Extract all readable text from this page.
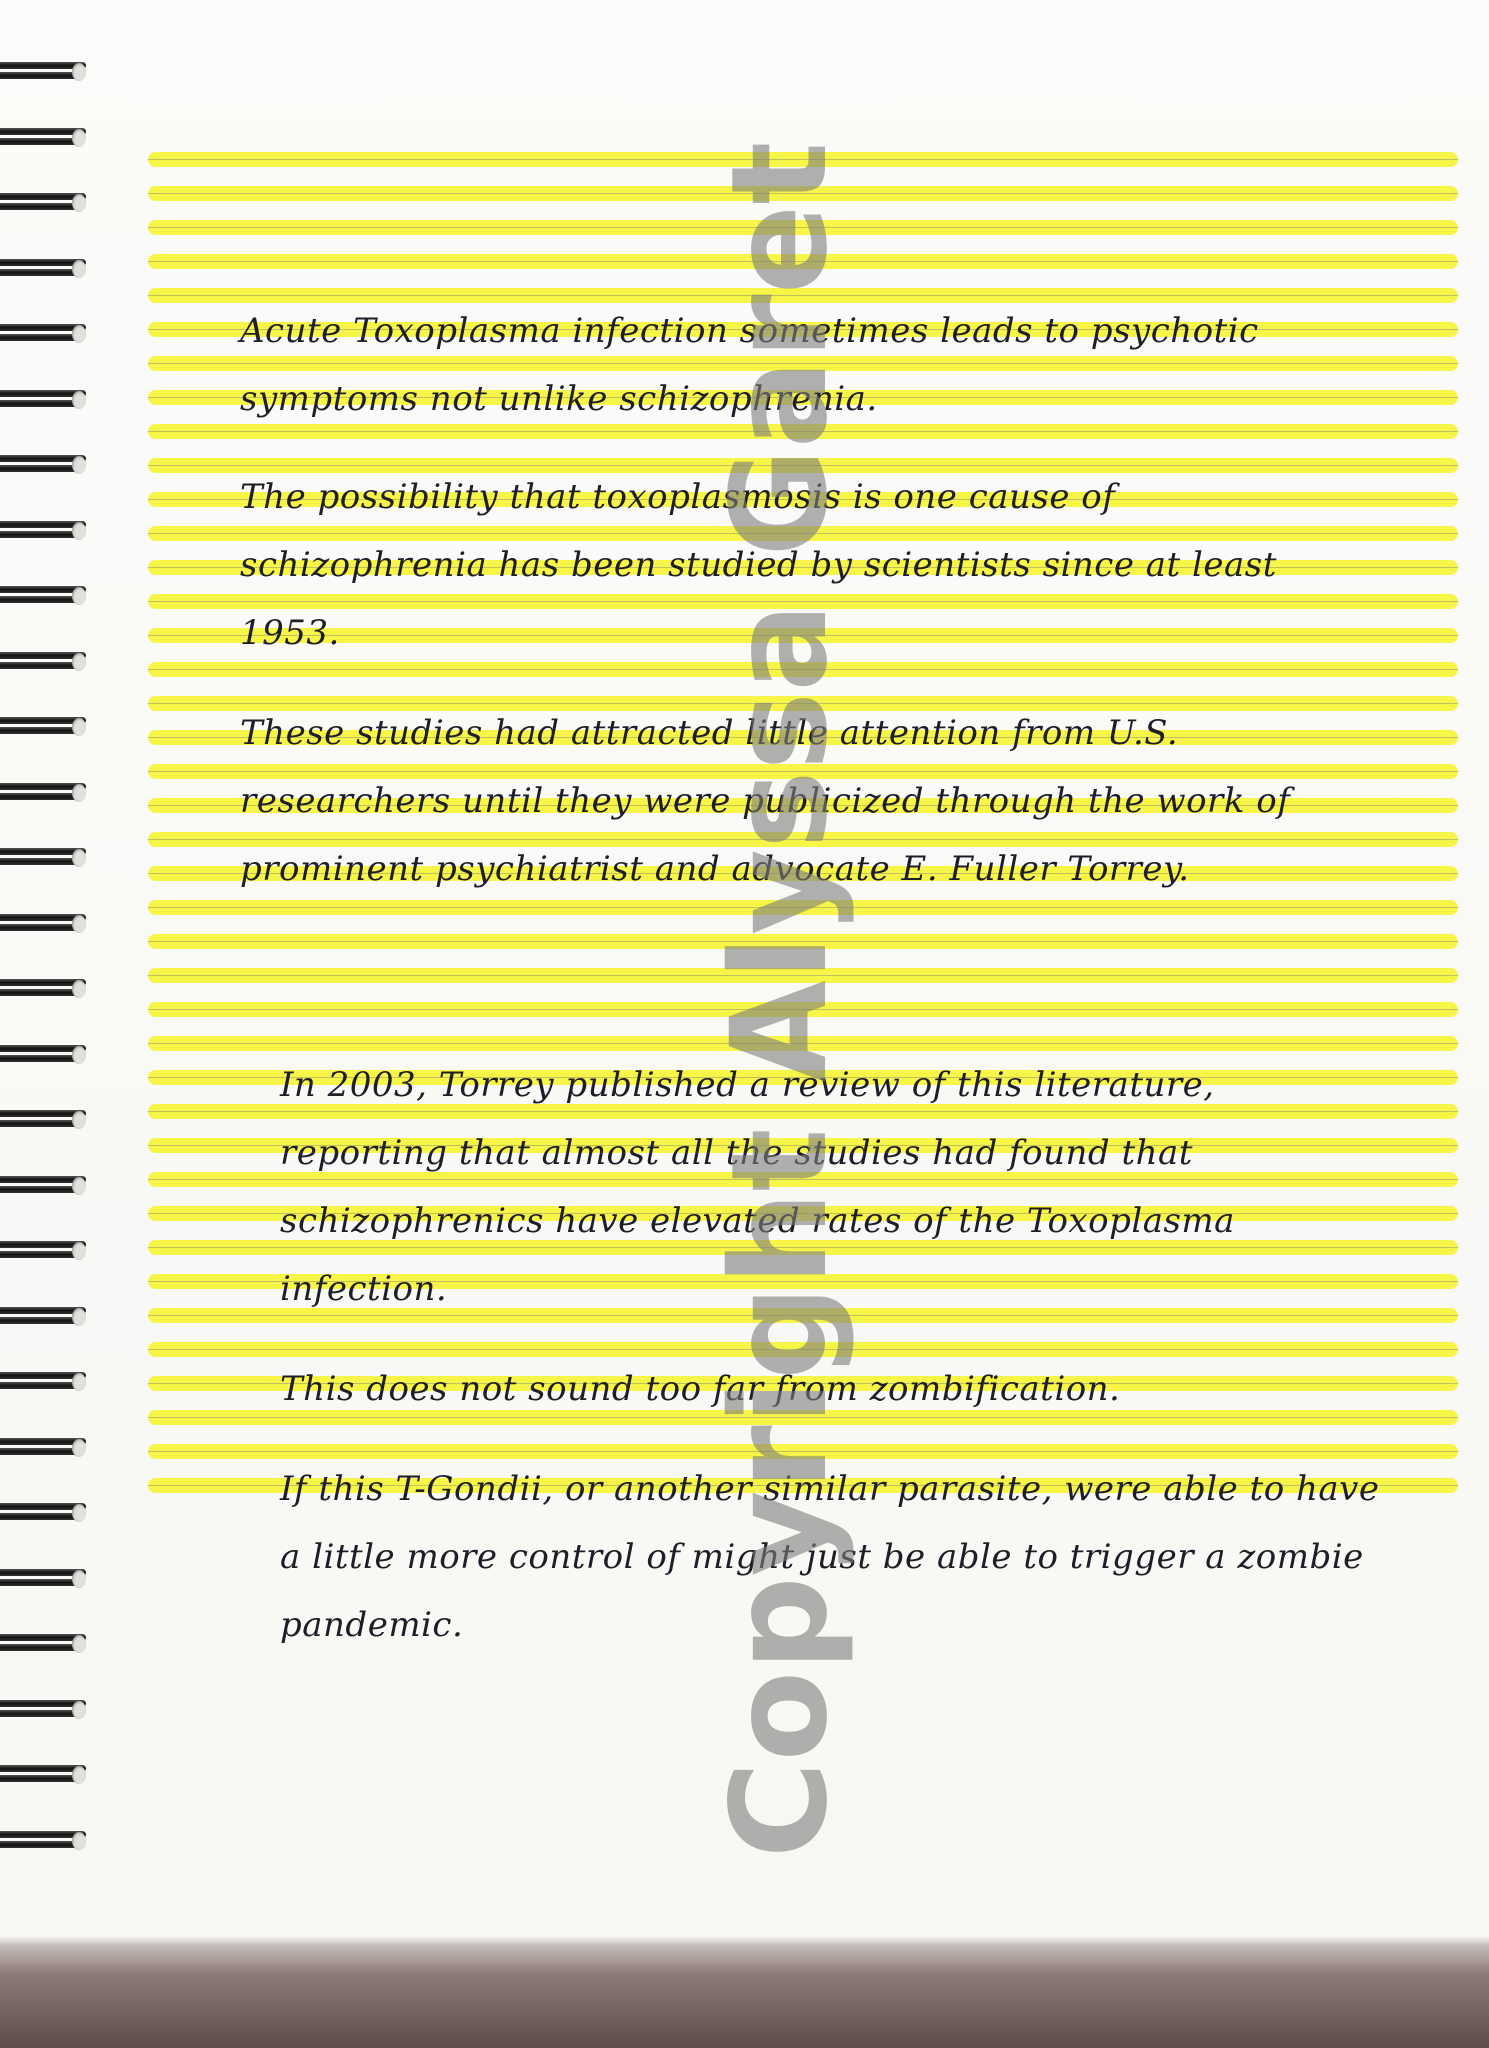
Acute Toxoplasma infection sometimes leads to psychotic symptoms not unlike schizophrenia.

The possibility that toxoplasmosis is one cause of schizophrenia has been studied by scientists since at least 1953.

These studies had attracted little attention from U.S. researchers until they were publicized through the work of prominent psychiatrist and advocate E. Fuller Torrey.

In 2003, Torrey published a review of this literature, reporting that almost all the studies had found that schizophrenics have elevated rates of the Toxoplasma infection.

This does not sound too far from zombification.

If this T-Gondii, or another similar parasite, were able to have a little more control of might just be able to trigger a zombie pandemic.	Copyright Alyssa Garet
